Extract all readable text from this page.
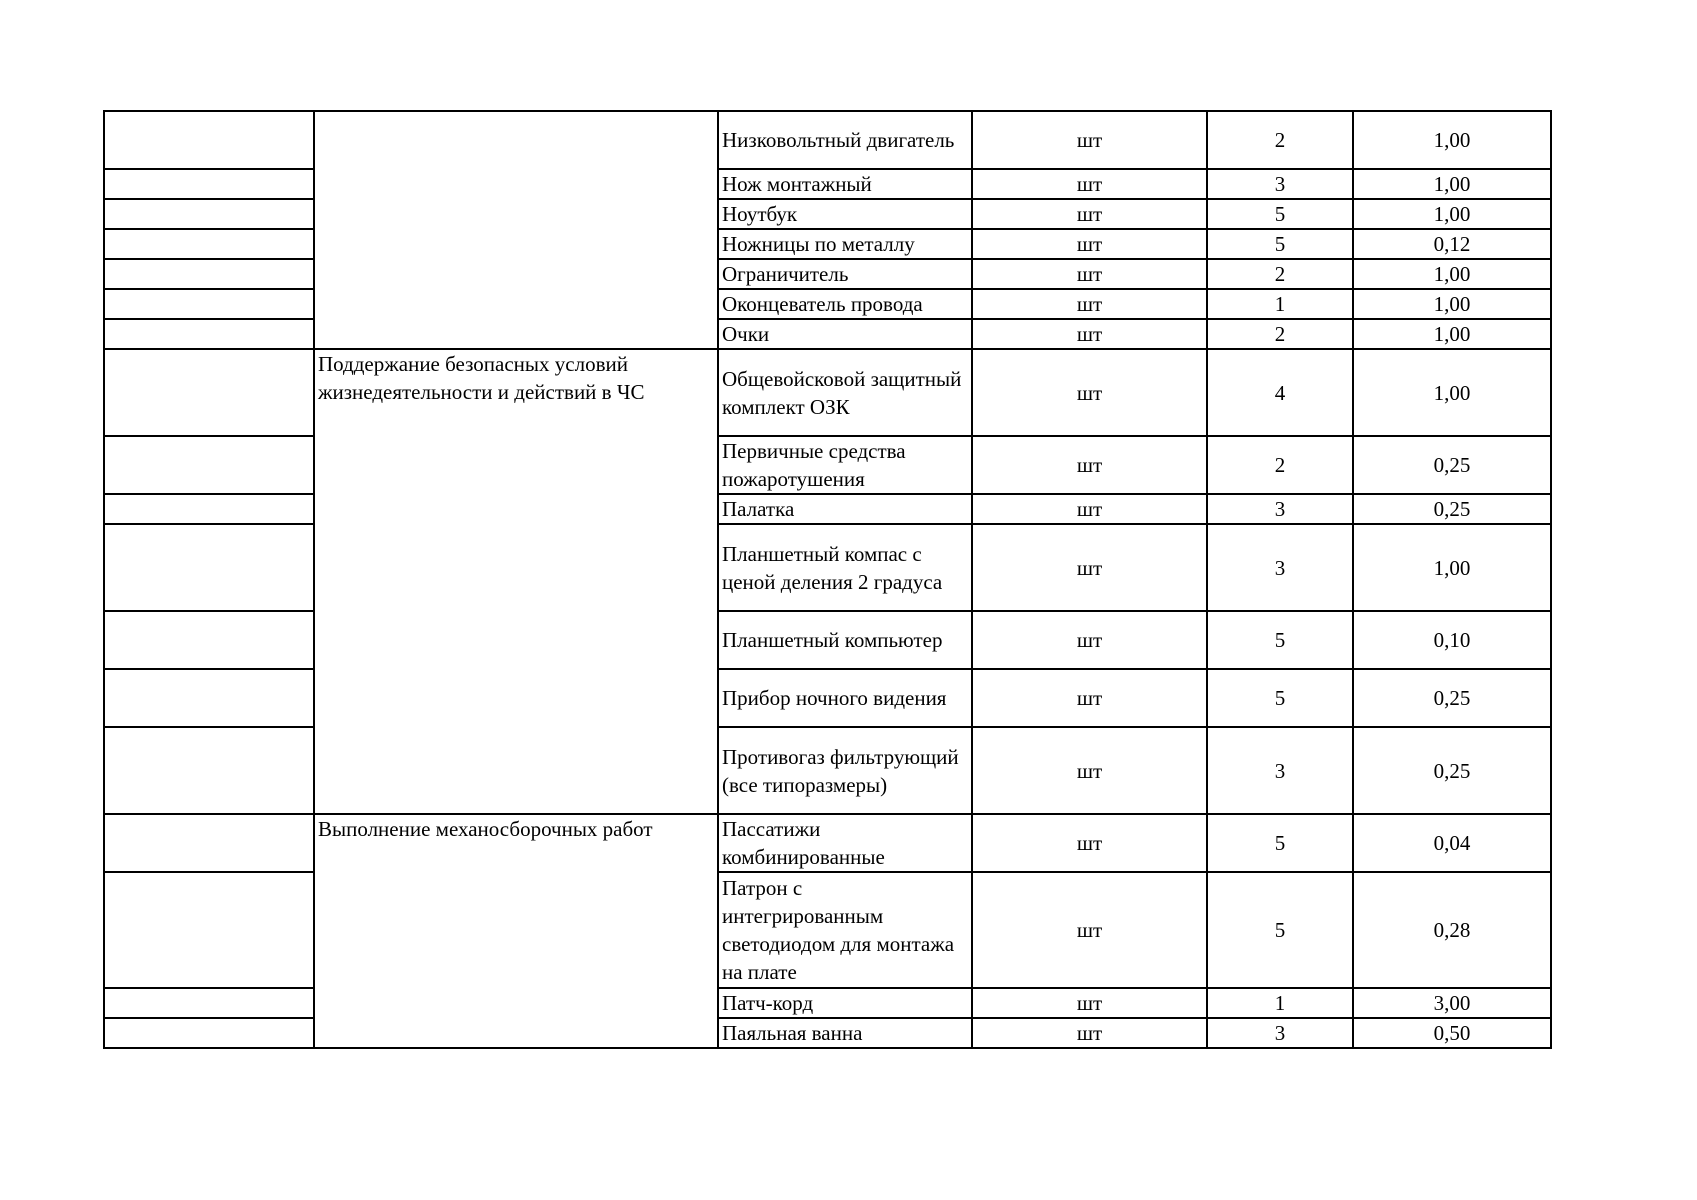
		Низковольтный двигатель	шт	2	1,00
		Нож монтажный	шт	3	1,00
		Ноутбук	шт	5	1,00
		Ножницы по металлу	шт	5	0,12
		Ограничитель	шт	2	1,00
		Оконцеватель провода	шт	1	1,00
		Очки	шт	2	1,00
	Поддержание безопасных условий жизнедеятельности и действий в ЧС	Общевойсковой защитный комплект ОЗК	шт	4	1,00
		Первичные средства пожаротушения	шт	2	0,25
		Палатка	шт	3	0,25
		Планшетный компас с ценой деления 2 градуса	шт	3	1,00
		Планшетный компьютер	шт	5	0,10
		Прибор ночного видения	шт	5	0,25
		Противогаз фильтрующий (все типоразмеры)	шт	3	0,25
	Выполнение механосборочных работ	Пассатижи комбинированные	шт	5	0,04
		Патрон с интегрированным светодиодом для монтажа на плате	шт	5	0,28
		Патч-корд	шт	1	3,00
		Паяльная ванна	шт	3	0,50
